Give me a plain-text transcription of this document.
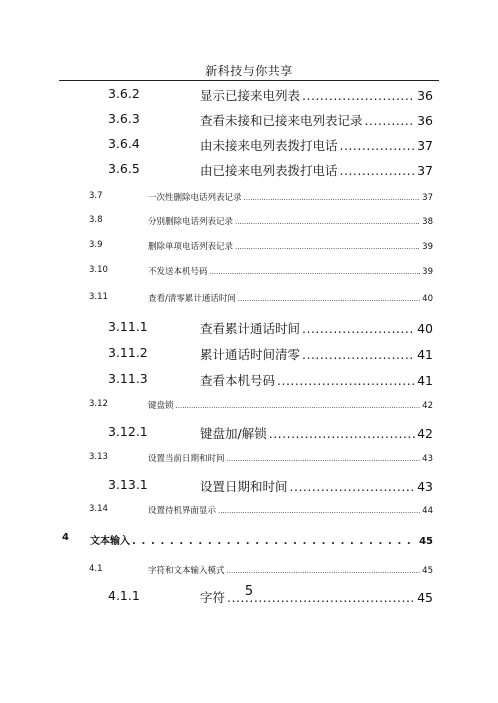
新科技与你共享
3.6.2	显示已接来电列表 .....	36
3.6.3	查看未接和已接来电列表记录 .....	36
3.6.4	由未接来电列表拨打电话 .....	37
3.6.5	由已接来电列表拨打电话 .....	37
3.7	一次性删除电话列表记录 .....	37
3.8	分别删除电话列表记录 .....	38
3.9	删除单项电话列表记录 .....	39
3.10	不发送本机号码 .....	39
3.11	查看/清零累计通话时间 .....	40
3.11.1	查看累计通话时间 .....	40
3.11.2	累计通话时间清零 .....	41
3.11.3	查看本机号码 .....	41
3.12	键盘锁 .....	42
3.12.1	键盘加/解锁 .....	42
3.13	设置当前日期和时间 .....	43
3.13.1	设置日期和时间 .....	43
3.14	设置待机界面显示 .....	44
4 文本输入 . . .	45
4.1	字符和文本输入模式 .....	45
4.1.1	字符 .....	45
5
